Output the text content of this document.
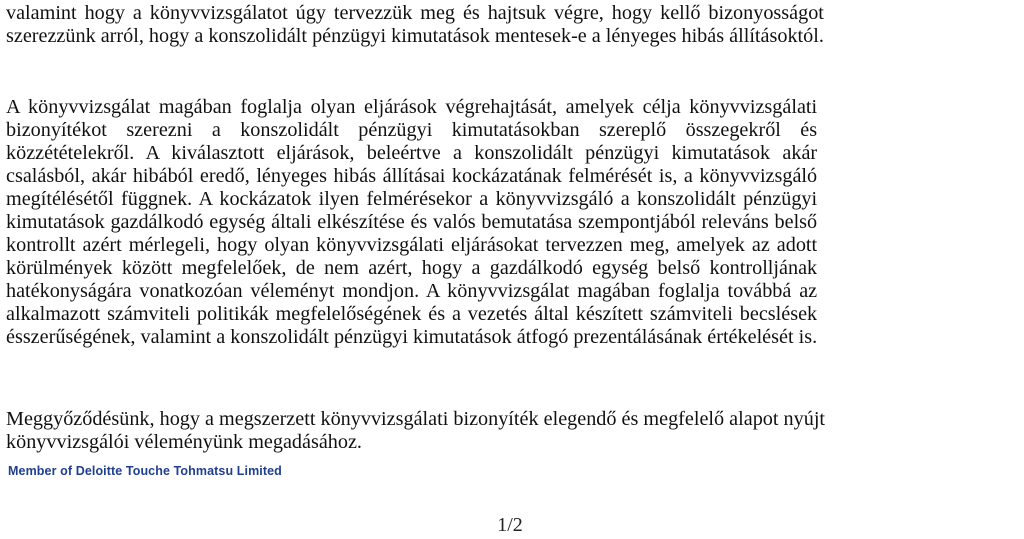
valamint hogy a könyvvizsgálatot úgy tervezzük meg és hajtsuk végre, hogy kellő bizonyosságot
szerezzünk arról, hogy a konszolidált pénzügyi kimutatások mentesek-e a lényeges hibás állításoktól.
A könyvvizsgálat magában foglalja olyan eljárások végrehajtását, amelyek célja könyvvizsgálati
bizonyítékot szerezni a konszolidált pénzügyi kimutatásokban szereplő összegekről és
közzétételekről. A kiválasztott eljárások, beleértve a konszolidált pénzügyi kimutatások akár
csalásból, akár hibából eredő, lényeges hibás állításai kockázatának felmérését is, a könyvvizsgáló
megítélésétől függnek. A kockázatok ilyen felmérésekor a könyvvizsgáló a konszolidált pénzügyi
kimutatások gazdálkodó egység általi elkészítése és valós bemutatása szempontjából releváns belső
kontrollt azért mérlegeli, hogy olyan könyvvizsgálati eljárásokat tervezzen meg, amelyek az adott
körülmények között megfelelőek, de nem azért, hogy a gazdálkodó egység belső kontrolljának
hatékonyságára vonatkozóan véleményt mondjon. A könyvvizsgálat magában foglalja továbbá az
alkalmazott számviteli politikák megfelelőségének és a vezetés által készített számviteli becslések
ésszerűségének, valamint a konszolidált pénzügyi kimutatások átfogó prezentálásának értékelését is.
Meggyőződésünk, hogy a megszerzett könyvvizsgálati bizonyíték elegendő és megfelelő alapot nyújt
könyvvizsgálói véleményünk megadásához.
Member of Deloitte Touche Tohmatsu Limited
1/2
